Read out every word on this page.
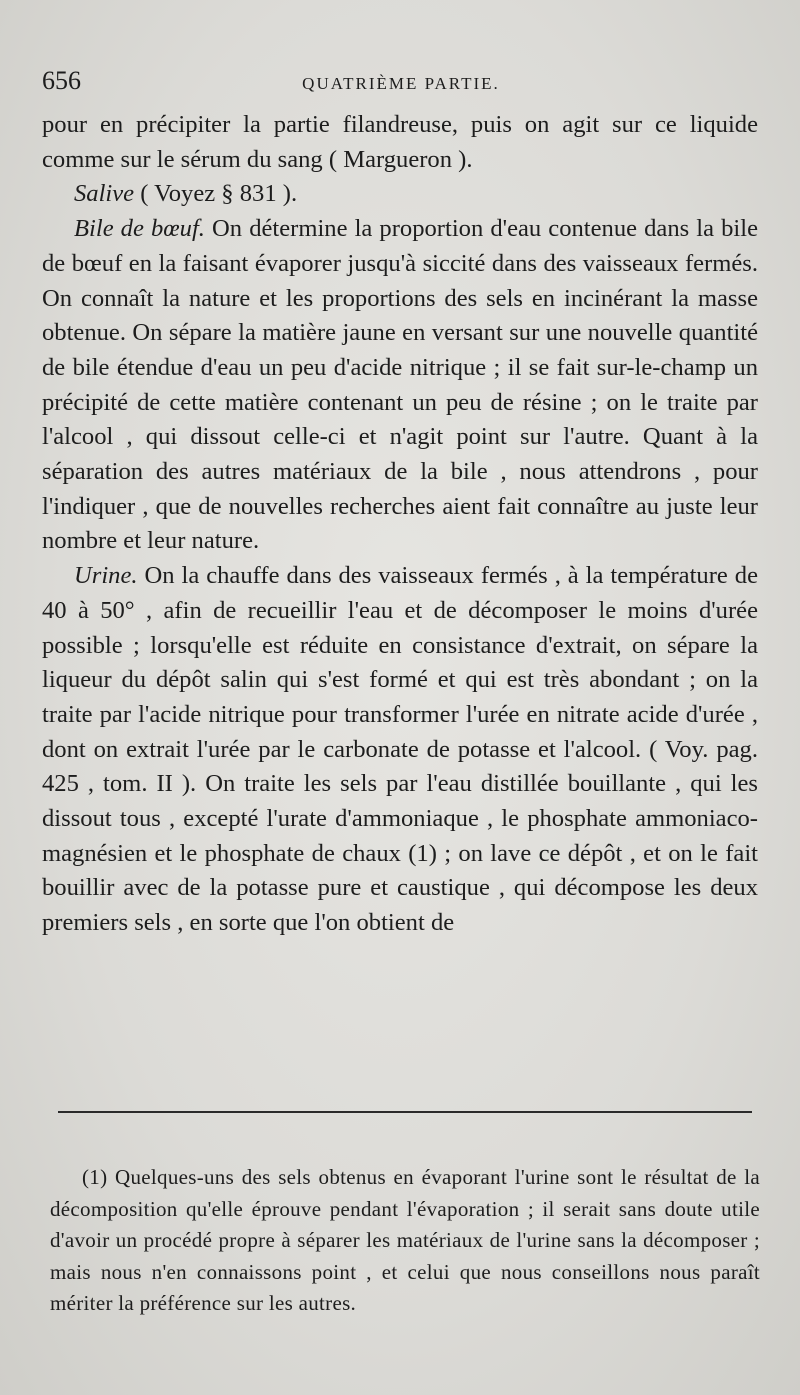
656	QUATRIÈME PARTIE.

pour en précipiter la partie filandreuse, puis on agit sur ce liquide comme sur le sérum du sang ( Margueron ).

Salive ( Voyez § 831 ).

Bile de bœuf. On détermine la proportion d'eau contenue dans la bile de bœuf en la faisant évaporer jusqu'à siccité dans des vaisseaux fermés. On connaît la nature et les proportions des sels en incinérant la masse obtenue. On sépare la matière jaune en versant sur une nouvelle quantité de bile étendue d'eau un peu d'acide nitrique ; il se fait sur-le-champ un précipité de cette matière contenant un peu de résine ; on le traite par l'alcool , qui dissout celle-ci et n'agit point sur l'autre. Quant à la séparation des autres matériaux de la bile , nous attendrons , pour l'indiquer , que de nouvelles recherches aient fait connaître au juste leur nombre et leur nature.

Urine. On la chauffe dans des vaisseaux fermés , à la température de 40 à 50° , afin de recueillir l'eau et de décomposer le moins d'urée possible ; lorsqu'elle est réduite en consistance d'extrait, on sépare la liqueur du dépôt salin qui s'est formé et qui est très abondant ; on la traite par l'acide nitrique pour transformer l'urée en nitrate acide d'urée , dont on extrait l'urée par le carbonate de potasse et l'alcool. ( Voy. pag. 425 , tom. II ). On traite les sels par l'eau distillée bouillante , qui les dissout tous , excepté l'urate d'ammoniaque , le phosphate ammoniaco-magnésien et le phosphate de chaux (1) ; on lave ce dépôt , et on le fait bouillir avec de la potasse pure et caustique , qui décompose les deux premiers sels , en sorte que l'on obtient de

(1) Quelques-uns des sels obtenus en évaporant l'urine sont le résultat de la décomposition qu'elle éprouve pendant l'évaporation ; il serait sans doute utile d'avoir un procédé propre à séparer les matériaux de l'urine sans la décomposer ; mais nous n'en connaissons point , et celui que nous conseillons nous paraît mériter la préférence sur les autres.
